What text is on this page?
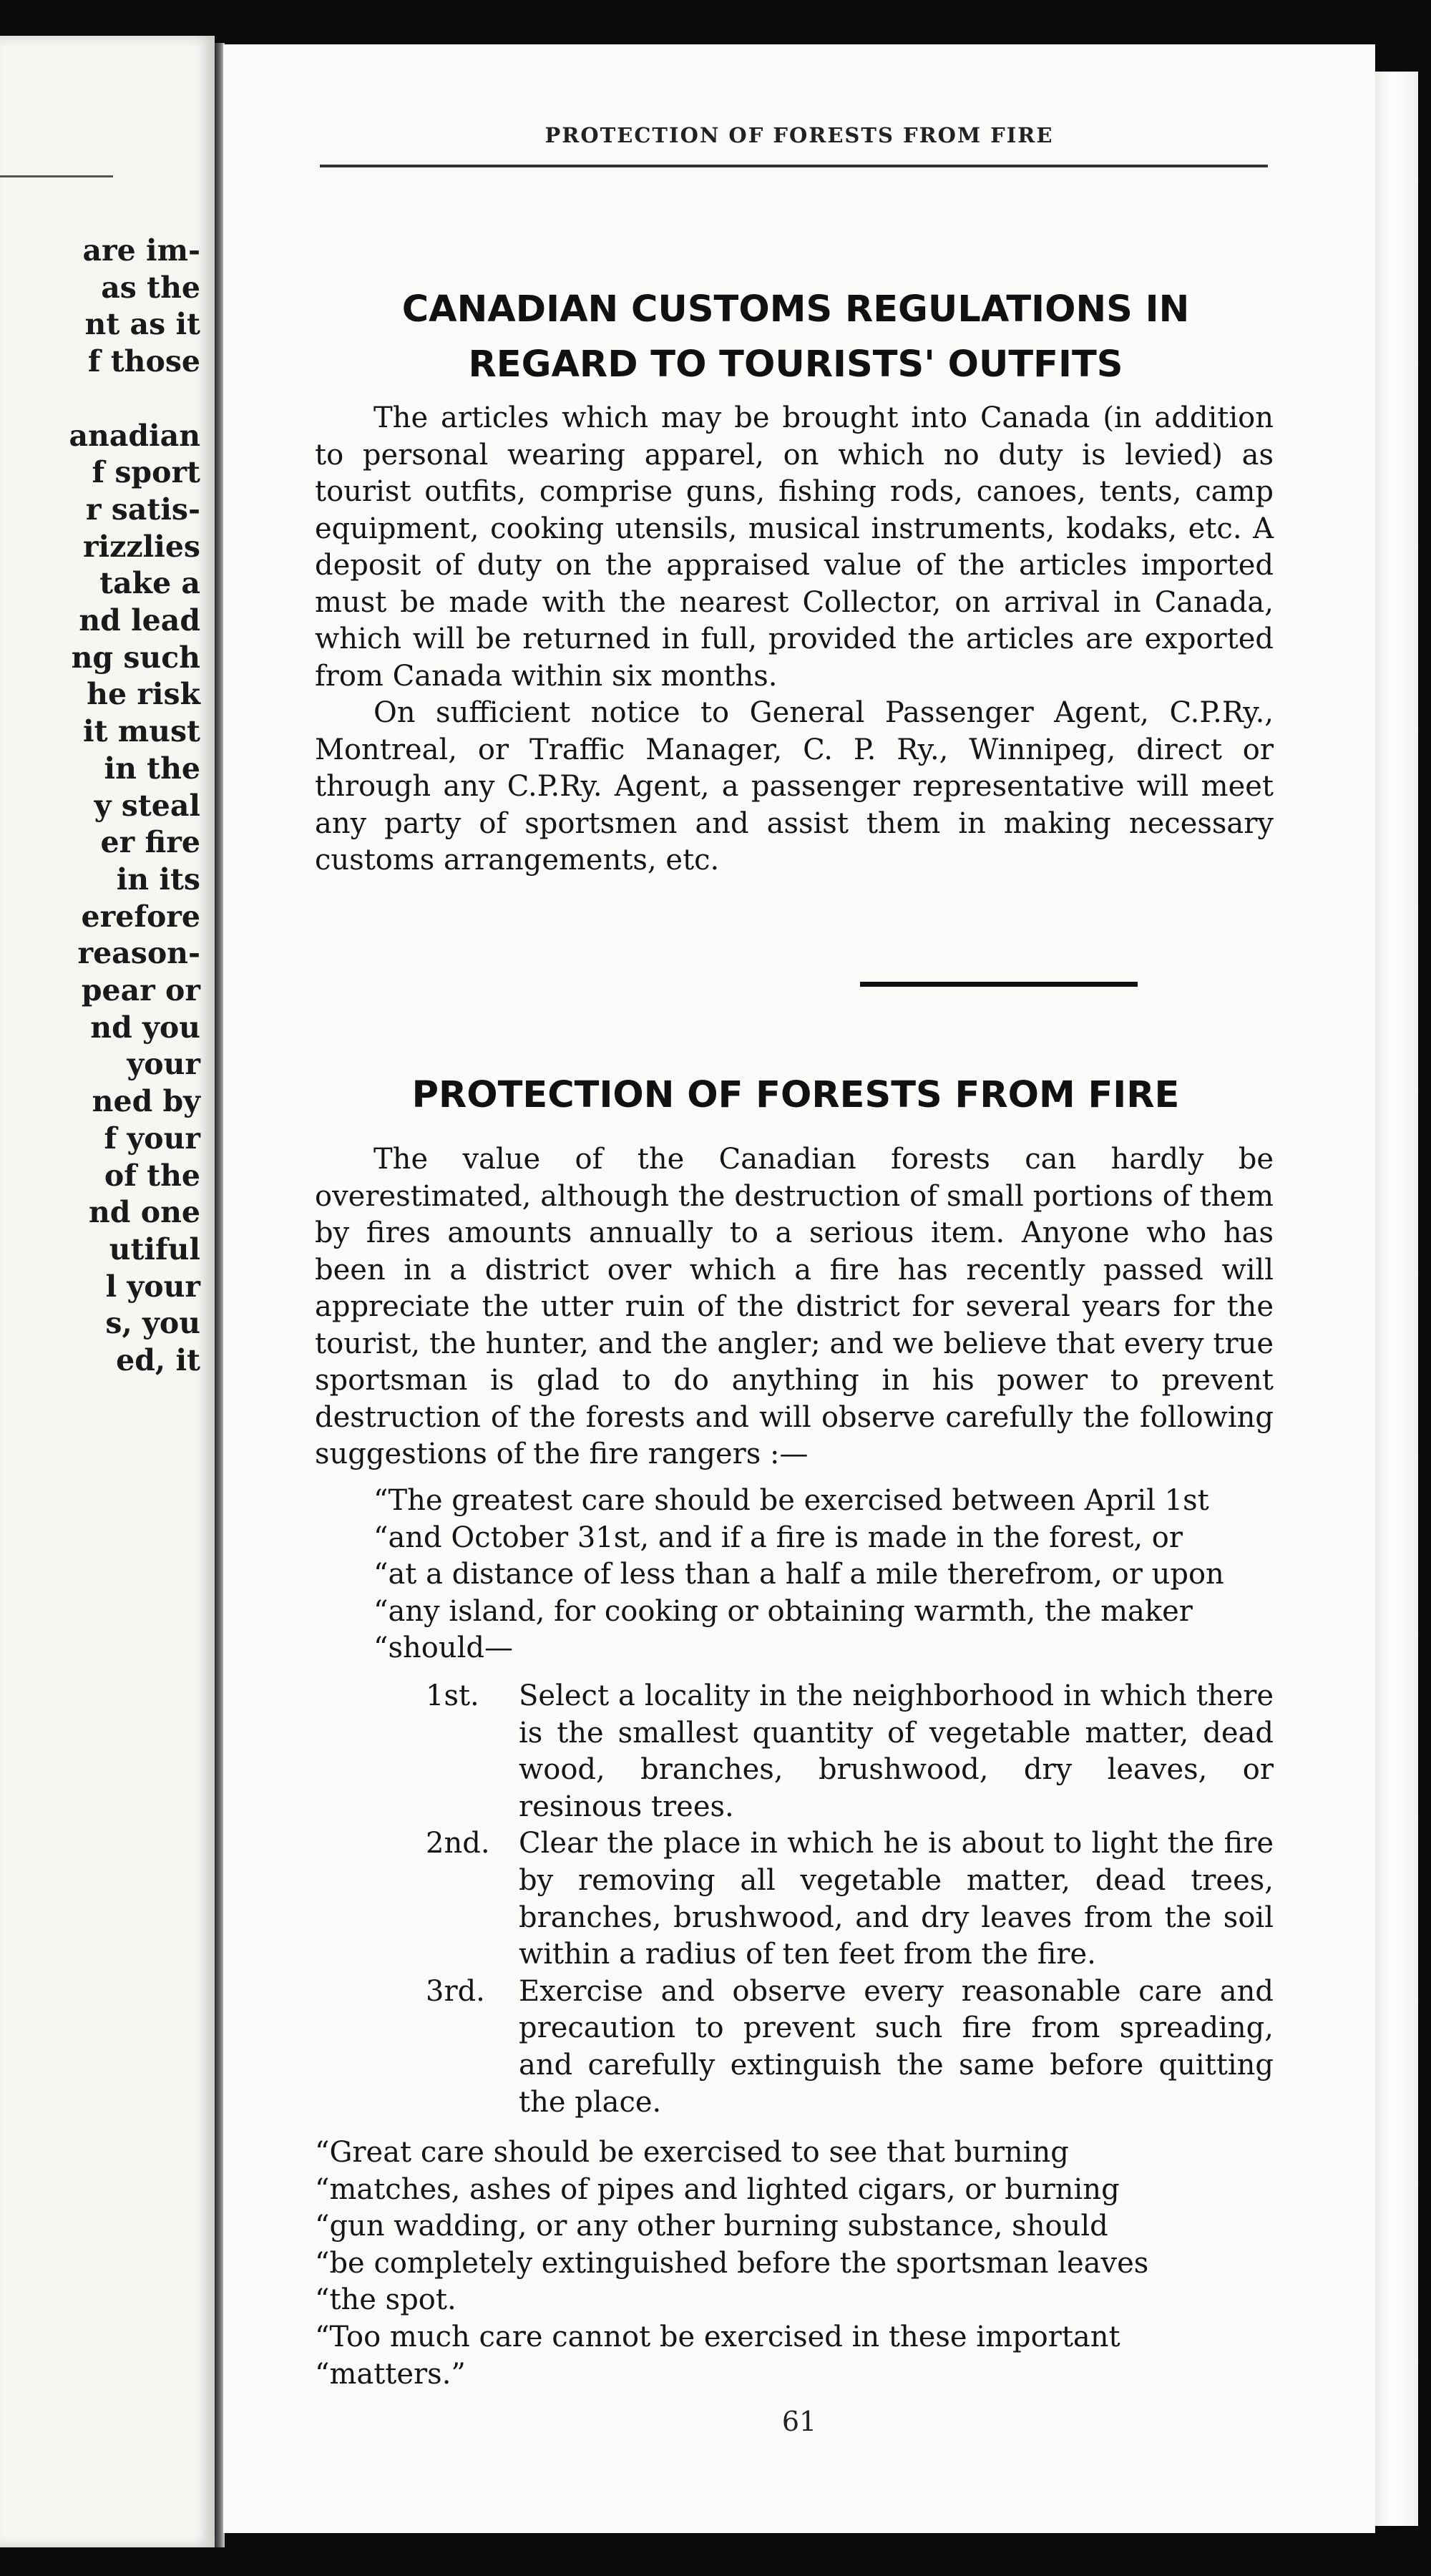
are im-
as the
nt as it
f those
anadian
f sport
r satis-
rizzlies
take a
nd lead
ng such
he risk
it must
in the
y steal
er fire
in its
erefore
reason-
pear or
nd you
your
ned by
f your
of the
nd one
utiful
l your
s, you
ed, it
PROTECTION OF FORESTS FROM FIRE
CANADIAN CUSTOMS REGULATIONS IN
REGARD TO TOURISTS' OUTFITS

The articles which may be brought into Canada (in addition to personal wearing apparel, on which no duty is levied) as tourist outfits, comprise guns, fishing rods, canoes, tents, camp equipment, cooking utensils, musical instruments, kodaks, etc. A deposit of duty on the appraised value of the articles imported must be made with the nearest Collector, on arrival in Canada, which will be returned in full, provided the articles are exported from Canada within six months.

On sufficient notice to General Passenger Agent, C.P.Ry., Montreal, or Traffic Manager, C. P. Ry., Winnipeg, direct or through any C.P.Ry. Agent, a passenger representative will meet any party of sportsmen and assist them in making necessary customs arrangements, etc.

PROTECTION OF FORESTS FROM FIRE

The value of the Canadian forests can hardly be overestimated, although the destruction of small portions of them by fires amounts annually to a serious item. Anyone who has been in a district over which a fire has recently passed will appreciate the utter ruin of the district for several years for the tourist, the hunter, and the angler; and we believe that every true sportsman is glad to do anything in his power to prevent destruction of the forests and will observe carefully the following suggestions of the fire rangers :—

“The greatest care should be exercised between April 1st
“and October 31st, and if a fire is made in the forest, or
“at a distance of less than a half a mile therefrom, or upon
“any island, for cooking or obtaining warmth, the maker
“should—
1st. Select a locality in the neighborhood in which there is the smallest quantity of vegetable matter, dead wood, branches, brushwood, dry leaves, or resinous trees.
2nd. Clear the place in which he is about to light the fire by removing all vegetable matter, dead trees, branches, brushwood, and dry leaves from the soil within a radius of ten feet from the fire.
3rd. Exercise and observe every reasonable care and precaution to prevent such fire from spreading, and carefully extinguish the same before quitting the place.
“Great care should be exercised to see that burning
“matches, ashes of pipes and lighted cigars, or burning
“gun wadding, or any other burning substance, should
“be completely extinguished before the sportsman leaves
“the spot.
“Too much care cannot be exercised in these important
“matters.”
61
